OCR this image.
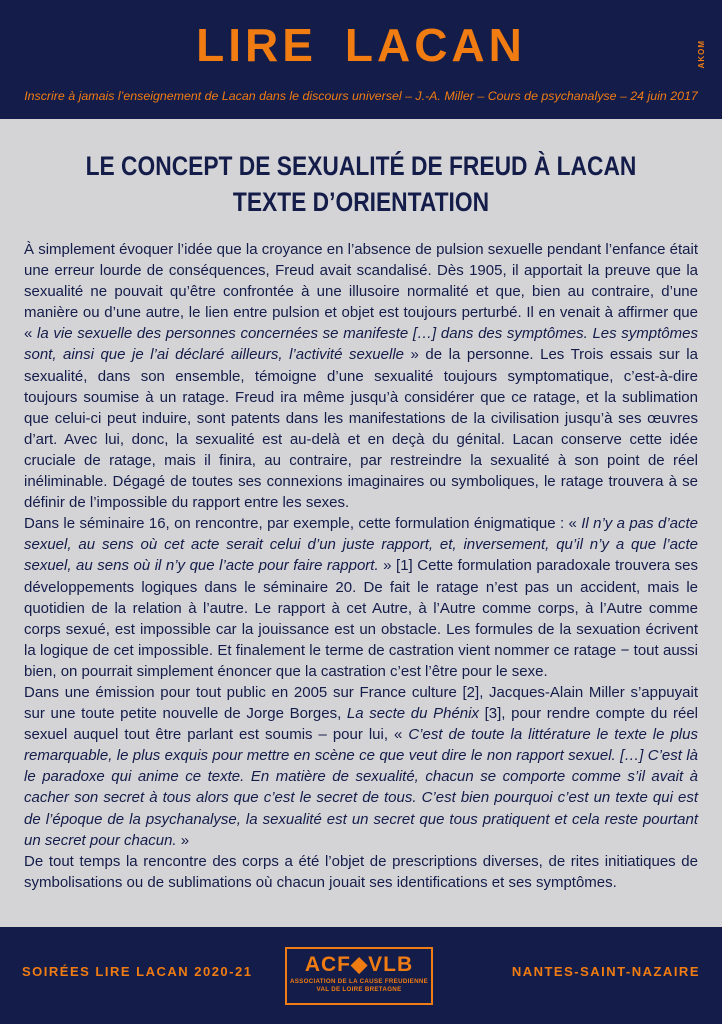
LIRE LACAN	AKOM
Inscrire à jamais l’enseignement de Lacan dans le discours universel – J.-A. Miller – Cours de psychanalyse – 24 juin 2017
LE CONCEPT DE SEXUALITÉ DE FREUD À LACAN
TEXTE D’ORIENTATION

À simplement évoquer l’idée que la croyance en l’absence de pulsion sexuelle pendant l’enfance était une erreur lourde de conséquences, Freud avait scandalisé. Dès 1905, il apportait la preuve que la sexualité ne pouvait qu’être confrontée à une illusoire normalité et que, bien au contraire, d’une manière ou d’une autre, le lien entre pulsion et objet est toujours perturbé. Il en venait à affirmer que « la vie sexuelle des personnes concernées se manifeste […] dans des symptômes. Les symptômes sont, ainsi que je l’ai déclaré ailleurs, l’activité sexuelle » de la personne. Les Trois essais sur la sexualité, dans son ensemble, témoigne d’une sexualité toujours symptomatique, c’est-à-dire toujours soumise à un ratage. Freud ira même jusqu’à considérer que ce ratage, et la sublimation que celui-ci peut induire, sont patents dans les manifestations de la civilisation jusqu’à ses œuvres d’art. Avec lui, donc, la sexualité est au-delà et en deçà du génital. Lacan conserve cette idée cruciale de ratage, mais il finira, au contraire, par restreindre la sexualité à son point de réel inéliminable. Dégagé de toutes ses connexions imaginaires ou symboliques, le ratage trouvera à se définir de l’impossible du rapport entre les sexes.

Dans le séminaire 16, on rencontre, par exemple, cette formulation énigmatique : « Il n’y a pas d’acte sexuel, au sens où cet acte serait celui d’un juste rapport, et, inversement, qu’il n’y a que l’acte sexuel, au sens où il n’y que l’acte pour faire rapport. » [1] Cette formulation paradoxale trouvera ses développements logiques dans le séminaire 20. De fait le ratage n’est pas un accident, mais le quotidien de la relation à l’autre. Le rapport à cet Autre, à l’Autre comme corps, à l’Autre comme corps sexué, est impossible car la jouissance est un obstacle. Les formules de la sexuation écrivent la logique de cet impossible. Et finalement le terme de castration vient nommer ce ratage − tout aussi bien, on pourrait simplement énoncer que la castration c’est l’être pour le sexe.

Dans une émission pour tout public en 2005 sur France culture [2], Jacques-Alain Miller s’appuyait sur une toute petite nouvelle de Jorge Borges, La secte du Phénix [3], pour rendre compte du réel sexuel auquel tout être parlant est soumis – pour lui, « C’est de toute la littérature le texte le plus remarquable, le plus exquis pour mettre en scène ce que veut dire le non rapport sexuel. […] C’est là le paradoxe qui anime ce texte. En matière de sexualité, chacun se comporte comme s’il avait à cacher son secret à tous alors que c’est le secret de tous. C’est bien pourquoi c’est un texte qui est de l’époque de la psychanalyse, la sexualité est un secret que tous pratiquent et cela reste pourtant un secret pour chacun. »

De tout temps la rencontre des corps a été l’objet de prescriptions diverses, de rites initiatiques de symbolisations ou de sublimations où chacun jouait ses identifications et ses symptômes.

SOIRÉES LIRE LACAN 2020-21	ACF◆VLB
ASSOCIATION DE LA CAUSE FREUDIENNE
VAL DE LOIRE BRETAGNE
NANTES-SAINT-NAZAIRE
